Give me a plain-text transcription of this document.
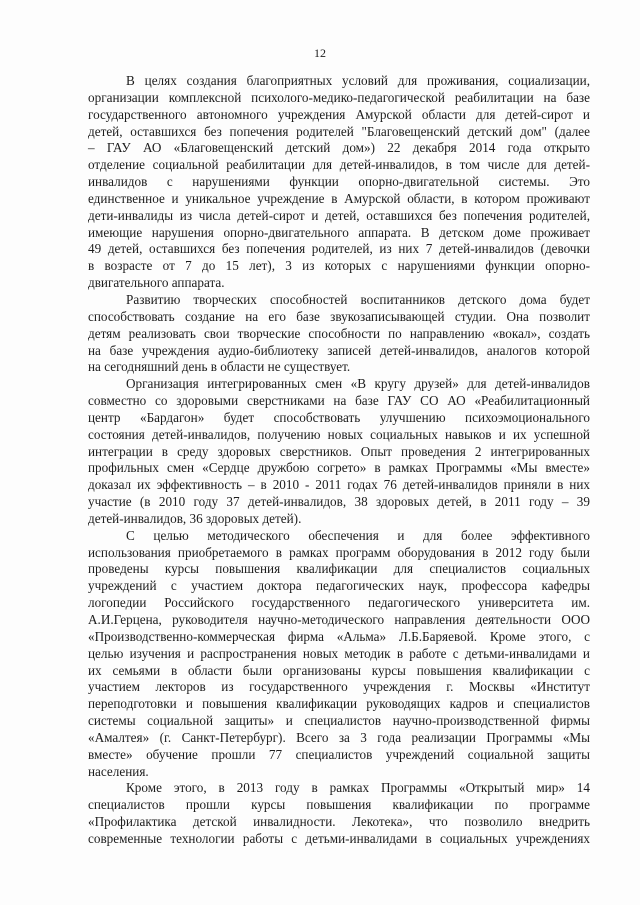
12
В целях создания благоприятных условий для проживания, социализации,
организации комплексной психолого-медико-педагогической реабилитации на базе
государственного автономного учреждения Амурской области для детей-сирот и
детей, оставшихся без попечения родителей "Благовещенский детский дом" (далее
– ГАУ АО «Благовещенский детский дом») 22 декабря 2014 года открыто
отделение социальной реабилитации для детей-инвалидов, в том числе для детей-
инвалидов с нарушениями функции опорно-двигательной системы. Это
единственное и уникальное учреждение в Амурской области, в котором проживают
дети-инвалиды из числа детей-сирот и детей, оставшихся без попечения родителей,
имеющие нарушения опорно-двигательного аппарата. В детском доме проживает
49 детей, оставшихся без попечения родителей, из них 7 детей-инвалидов (девочки
в возрасте от 7 до 15 лет), 3 из которых с нарушениями функции опорно-
двигательного аппарата.
Развитию творческих способностей воспитанников детского дома будет
способствовать создание на его базе звукозаписывающей студии. Она позволит
детям реализовать свои творческие способности по направлению «вокал», создать
на базе учреждения аудио-библиотеку записей детей-инвалидов, аналогов которой
на сегодняшний день в области не существует.
Организация интегрированных смен «В кругу друзей» для детей-инвалидов
совместно со здоровыми сверстниками на базе ГАУ СО АО «Реабилитационный
центр «Бардагон» будет способствовать улучшению психоэмоционального
состояния детей-инвалидов, получению новых социальных навыков и их успешной
интеграции в среду здоровых сверстников. Опыт проведения 2 интегрированных
профильных смен «Сердце дружбою согрето» в рамках Программы «Мы вместе»
доказал их эффективность – в 2010 - 2011 годах 76 детей-инвалидов приняли в них
участие (в 2010 году 37 детей-инвалидов, 38 здоровых детей, в 2011 году – 39
детей-инвалидов, 36 здоровых детей).
С целью методического обеспечения и для более эффективного
использования приобретаемого в рамках программ оборудования в 2012 году были
проведены курсы повышения квалификации для специалистов социальных
учреждений с участием доктора педагогических наук, профессора кафедры
логопедии Российского государственного педагогического университета им.
А.И.Герцена, руководителя научно-методического направления деятельности ООО
«Производственно-коммерческая фирма «Альма» Л.Б.Баряевой. Кроме этого, с
целью изучения и распространения новых методик в работе с детьми-инвалидами и
их семьями в области были организованы курсы повышения квалификации с
участием лекторов из государственного учреждения г. Москвы «Институт
переподготовки и повышения квалификации руководящих кадров и специалистов
системы социальной защиты» и специалистов научно-производственной фирмы
«Амалтея» (г. Санкт-Петербург). Всего за 3 года реализации Программы «Мы
вместе» обучение прошли 77 специалистов учреждений социальной защиты
населения.
Кроме этого, в 2013 году в рамках Программы «Открытый мир» 14
специалистов прошли курсы повышения квалификации по программе
«Профилактика детской инвалидности. Лекотека», что позволило внедрить
современные технологии работы с детьми-инвалидами в социальных учреждениях
